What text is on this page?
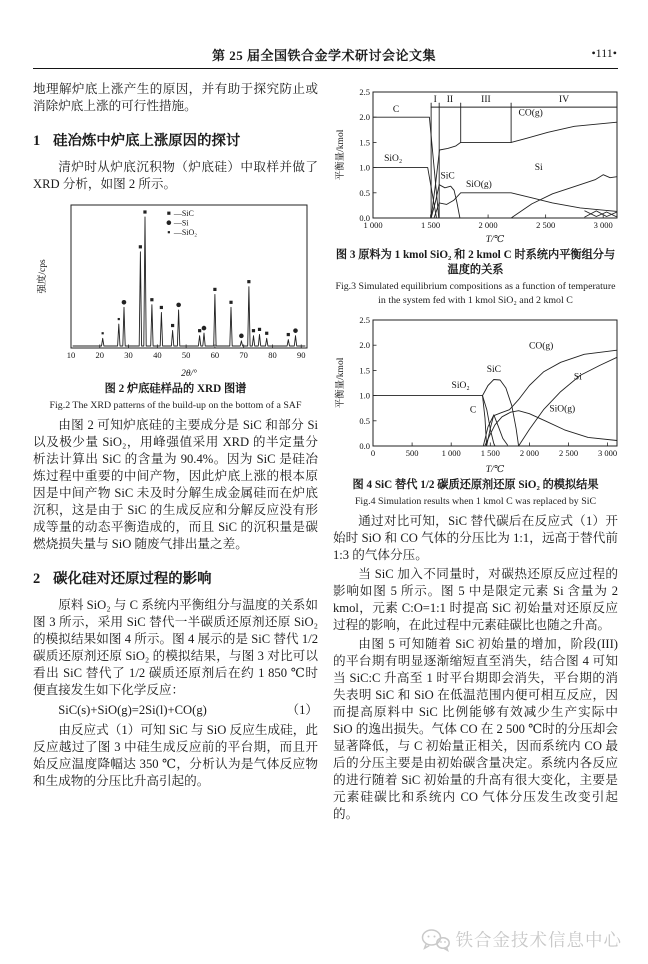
第 25 届全国铁合金学术研讨会论文集	•111•

地理解炉底上涨产生的原因，并有助于探究防止或消除炉底上涨的可行性措施。

1 硅冶炼中炉底上涨原因的探讨

清炉时从炉底沉积物（炉底硅）中取样并做了 XRD 分析，如图 2 所示。

10 20 30 40 50 60 70 80 90
2θ/°
强度/cps
—SiC
—Si
—SiO₂
图 2 炉底硅样品的 XRD 图谱
Fig.2 The XRD patterns of the build-up on the bottom of a SAF

由图 2 可知炉底硅的主要成分是 SiC 和部分 Si 以及极少量 SiO₂，用峰强值采用 XRD 的半定量分析法计算出 SiC 的含量为 90.4%。因为 SiC 是硅冶炼过程中重要的中间产物，因此炉底上涨的根本原因是中间产物 SiC 未及时分解生成金属硅而在炉底沉积，这是由于 SiC 的生成反应和分解反应没有形成等量的动态平衡造成的，而且 SiC 的沉积量是碳燃烧损失量与 SiO 随废气排出量之差。

2 碳化硅对还原过程的影响

原料 SiO₂ 与 C 系统内平衡组分与温度的关系如图 3 所示，采用 SiC 替代一半碳质还原剂还原 SiO₂ 的模拟结果如图 4 所示。图 4 展示的是 SiC 替代 1/2 碳质还原剂还原 SiO₂ 的模拟结果，与图 3 对比可以看出 SiC 替代了 1/2 碳质还原剂后在约 1 850 ℃时便直接发生如下化学反应：

SiC(s)+SiO(g)=2Si(l)+CO(g)	（1）

由反应式（1）可知 SiC 与 SiO 反应生成硅，此反应越过了图 3 中硅生成反应前的平台期，而且开始反应温度降幅达 350 ℃，分析认为是气体反应物和生成物的分压比升高引起的。

1 000	1 500	2 000	2 500	3 000
0.0
0.5
1.0
1.5
2.0
2.5
T/℃
平衡量/kmol
C
SiO₂
SiC
CO(g)
SiO(g)
Si
I II	III	IV
图 3 原料为 1 kmol SiO₂ 和 2 kmol C 时系统内平衡组分与温度的关系
Fig.3 Simulated equilibrium compositions as a function of temperature in the system fed with 1 kmol SiO₂ and 2 kmol C
0	500	1 000 1 500 2 000 2 500 3 000
0.0
0.5
1.0
1.5
2.0
2.5
T/℃
平衡量/kmol	SiO₂
C
SiC
CO(g)
SiO(g)
Si
图 4 SiC 替代 1/2 碳质还原剂还原 SiO₂ 的模拟结果
Fig.4 Simulation results when 1 kmol C was replaced by SiC

通过对比可知，SiC 替代碳后在反应式（1）开始时 SiO 和 CO 气体的分压比为 1:1，远高于替代前 1:3 的气体分压。

当 SiC 加入不同量时，对碳热还原反应过程的影响如图 5 所示。图 5 中是限定元素 Si 含量为 2 kmol，元素 C:O=1:1 时提高 SiC 初始量对还原反应过程的影响，在此过程中元素硅碳比也随之升高。

由图 5 可知随着 SiC 初始量的增加，阶段(III)的平台期有明显逐渐缩短直至消失，结合图 4 可知当 SiC:C 升高至 1 时平台期即会消失，平台期的消失表明 SiC 和 SiO 在低温范围内便可相互反应，因而提高原料中 SiC 比例能够有效减少生产实际中 SiO 的逸出损失。气体 CO 在 2 500 ℃时的分压却会显著降低，与 C 初始量正相关，因而系统内 CO 最后的分压主要是由初始碳含量决定。系统内各反应的进行随着 SiC 初始量的升高有很大变化，主要是元素硅碳比和系统内 CO 气体分压发生改变引起的。

铁合金技术信息中心
